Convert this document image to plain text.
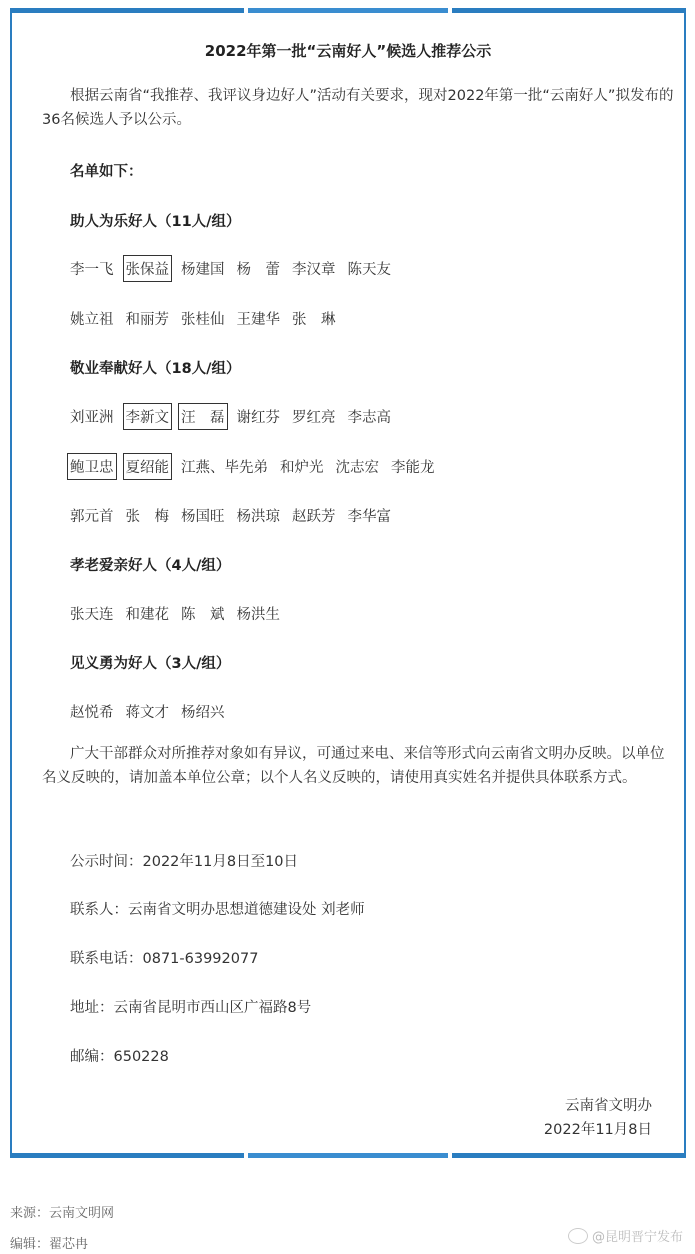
2022年第一批“云南好人”候选人推荐公示
根据云南省“我推荐、我评议身边好人”活动有关要求，现对2022年第一批“云南好人”拟发布的36名候选人予以公示。
名单如下：
助人为乐好人（11人/组）
李一飞 张保益 杨建国 杨　蕾 李汉章 陈天友
姚立祖 和丽芳 张桂仙 王建华 张　琳
敬业奉献好人（18人/组）
刘亚洲 李新文 汪　磊 谢红芬 罗红亮 李志高
鲍卫忠 夏绍能 江燕、毕先弟 和炉光 沈志宏 李能龙
郭元首 张　梅 杨国旺 杨洪琼 赵跃芳 李华富
孝老爱亲好人（4人/组）
张天连 和建花 陈　斌 杨洪生
见义勇为好人（3人/组）
赵悦希 蒋文才 杨绍兴
广大干部群众对所推荐对象如有异议，可通过来电、来信等形式向云南省文明办反映。以单位名义反映的，请加盖本单位公章；以个人名义反映的，请使用真实姓名并提供具体联系方式。
公示时间：2022年11月8日至10日
联系人：云南省文明办思想道德建设处 刘老师
联系电话：0871-63992077
地址：云南省昆明市西山区广福路8号
邮编：650228
云南省文明办
2022年11月8日
来源：云南文明网
编辑：翟芯冉	@昆明晋宁发布
